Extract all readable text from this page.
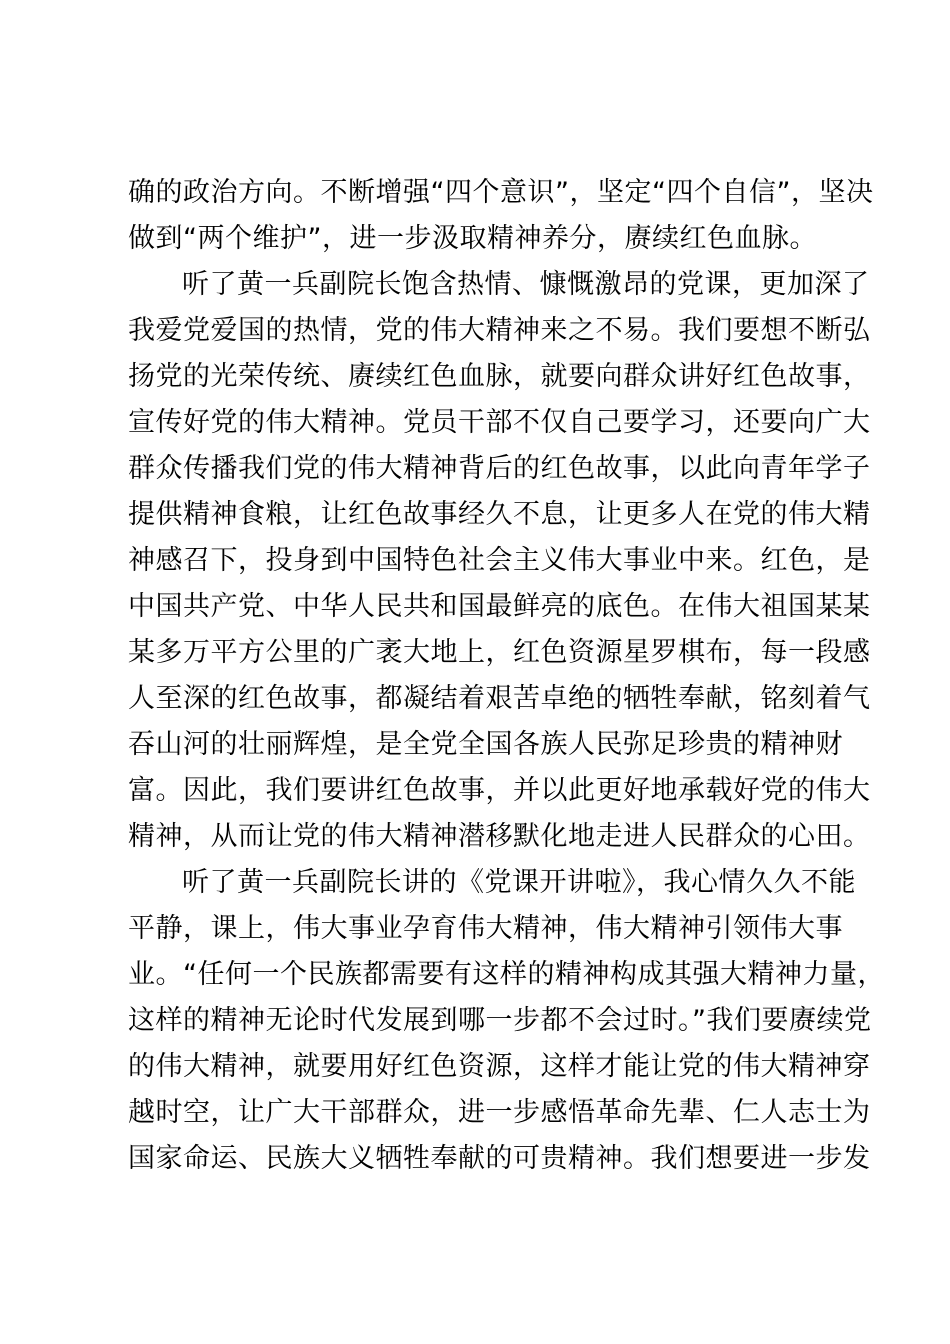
确的政治方向。不断增强“四个意识”，坚定“四个自信”，坚决
做到“两个维护”，进一步汲取精神养分，赓续红色血脉。
听了黄一兵副院长饱含热情、慷慨激昂的党课，更加深了
我爱党爱国的热情，党的伟大精神来之不易。我们要想不断弘
扬党的光荣传统、赓续红色血脉，就要向群众讲好红色故事，
宣传好党的伟大精神。党员干部不仅自己要学习，还要向广大
群众传播我们党的伟大精神背后的红色故事，以此向青年学子
提供精神食粮，让红色故事经久不息，让更多人在党的伟大精
神感召下，投身到中国特色社会主义伟大事业中来。红色，是
中国共产党、中华人民共和国最鲜亮的底色。在伟大祖国某某
某多万平方公里的广袤大地上，红色资源星罗棋布，每一段感
人至深的红色故事，都凝结着艰苦卓绝的牺牲奉献，铭刻着气
吞山河的壮丽辉煌，是全党全国各族人民弥足珍贵的精神财
富。因此，我们要讲红色故事，并以此更好地承载好党的伟大
精神，从而让党的伟大精神潜移默化地走进人民群众的心田。
听了黄一兵副院长讲的《党课开讲啦》，我心情久久不能
平静，课上，伟大事业孕育伟大精神，伟大精神引领伟大事
业。“任何一个民族都需要有这样的精神构成其强大精神力量，
这样的精神无论时代发展到哪一步都不会过时。”我们要赓续党
的伟大精神，就要用好红色资源，这样才能让党的伟大精神穿
越时空，让广大干部群众，进一步感悟革命先辈、仁人志士为
国家命运、民族大义牺牲奉献的可贵精神。我们想要进一步发
